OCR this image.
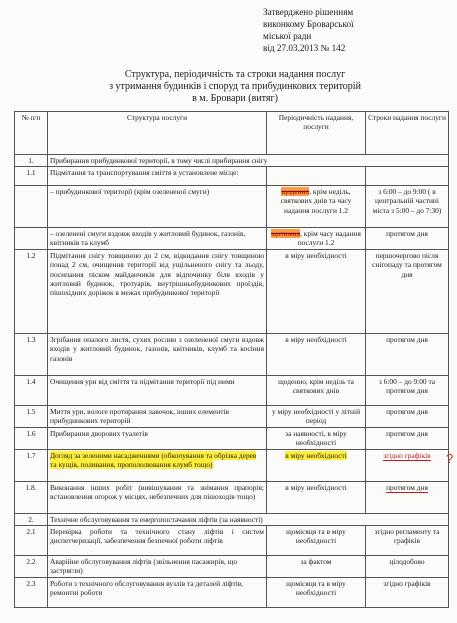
Затверджено рішенням
виконкому Броварської
міської ради
від 27.03.2013 № 142
Структура, періодичність та строки надання послуг
з утримання будинків і споруд та прибудинкових територій
в м. Бровари (витяг)
№ п/п	Структура послуги	Періодичність надання, послуги	Строки надання послуги
1.	Прибирання прибудинкової території, в тому числі прибирання снігу		
1.1	Підмітання та транспортування сміття в установлене місце:		
	– прибудинкової території (крім озелененої смуги)	щоденно, крім неділь, святкових днів та часу надання послуги 1.2	з 6:00 – до 9:00 ( в центральній частині міста з 5:00 – до 7:30)
	– озеленені смуги вздовж входів у житловий будинок, газонів, квітників та клумб	щотижня, крім часу надання послуги 1.2	протягом дня
1.2	Підмітання снігу товщиною до 2 см, відкидання снігу товщиною понад 2 см, очищення території від ущільненого снігу та льоду, посипання піском майданчиків для відпочинку біля входів у житловий будинок, тротуарів, внутрішньобудинкових проїздів, пішохідних доріжок в межах прибудинкової території	в міру необхідності	першочергово після снігопаду та протягом дня
1.3	Згрібання опалого листя, сухих рослин з озелененої смуги вздовж входів у житловий будинок, газонів, квітників, клумб та косіння газонів	в міру необхідності	протягом дня
1.4	Очищення урн від сміття та підмітання території під ними	щоденно, крім неділь та святкових днів	з 6:00 – до 9:00 та протягом дня
1.5	Миття урн, вологе протирання лавочок, інших елементів прибудинкових територій	у міру необхідності у літній період	протягом дня
1.6	Прибирання дворових туалетів	за наявності, в міру необхідності	протягом дня
1.7	Догляд за зеленими насадженнями (обкопування та обрізка дерев та кущів, поливання, пропололювання клумб тощо)	в міру необхідності	згідно графіків
1.8.	Виконання інших робіт (вивішування та знімання прапорів; встановлення огорож у місцях, небезпечних для пішоходів тощо)	в міру необхідності	протягом дня
2.	Технічне обслуговування та енергопостачання ліфтів (за наявності)		
2.1	Перевірка роботи та технічного стану ліфтів і систем диспетчеризації, забезпечення безпечної роботи ліфтів	щомісяця та в міру необхідності	згідно регламенту та графіків
2.2	Аварійне обслуговування ліфтів (звільнення пасажирів, що застрягли)	за фактом	цілодобово
2.3	Роботи з технічного обслуговування вузлів та деталей ліфтів, ремонтні роботи	щомісяця та в міру необхідності	згідно графіків
?
